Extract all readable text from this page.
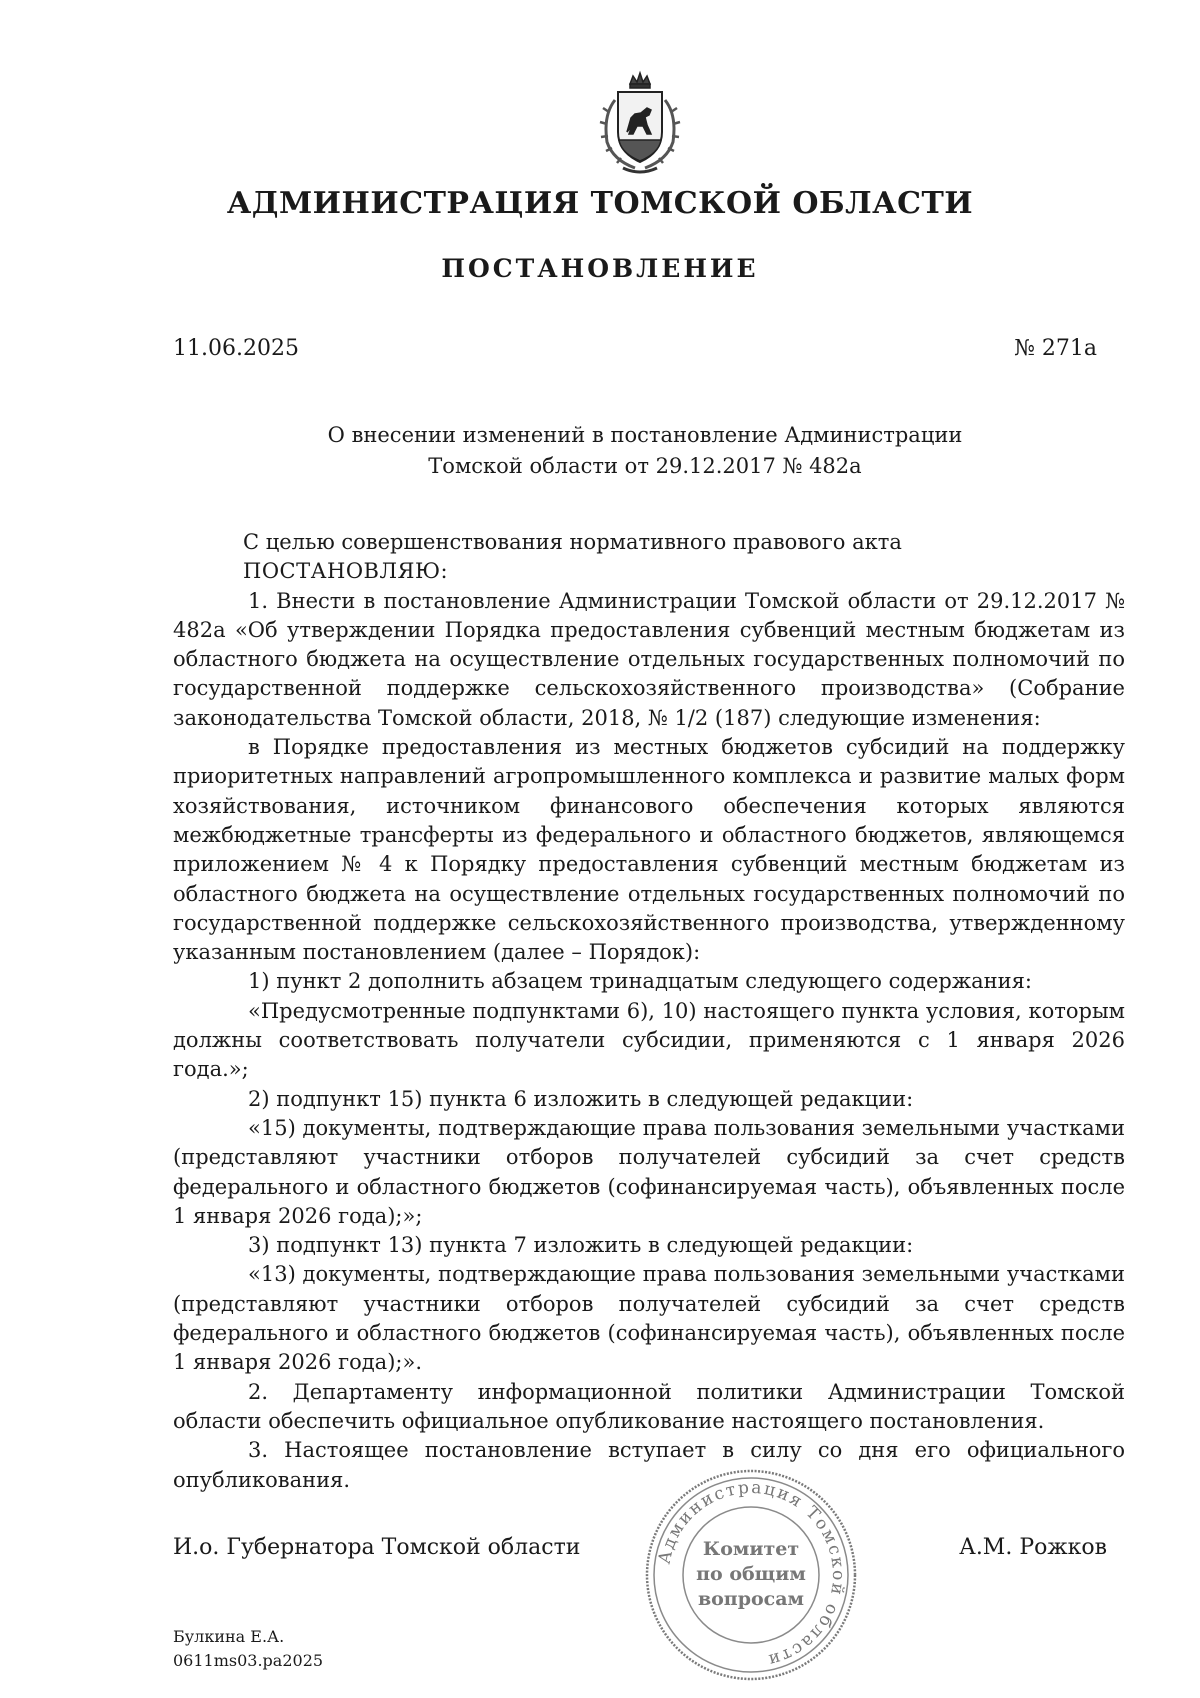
АДМИНИСТРАЦИЯ ТОМСКОЙ ОБЛАСТИ
ПОСТАНОВЛЕНИЕ
11.06.2025	№ 271а
О внесении изменений в постановление Администрации
Томской области от 29.12.2017 № 482а

С целью совершенствования нормативного правового акта

ПОСТАНОВЛЯЮ:

1. Внести в постановление Администрации Томской области от 29.12.2017 № 482а «Об утверждении Порядка предоставления субвенций местным бюджетам из областного бюджета на осуществление отдельных государственных полномочий по государственной поддержке сельскохозяйственного производства» (Собрание законодательства Томской области, 2018, № 1/2 (187) следующие изменения:

в Порядке предоставления из местных бюджетов субсидий на поддержку приоритетных направлений агропромышленного комплекса и развитие малых форм хозяйствования, источником финансового обеспечения которых являются межбюджетные трансферты из федерального и областного бюджетов, являющемся приложением № 4 к Порядку предоставления субвенций местным бюджетам из областного бюджета на осуществление отдельных государственных полномочий по государственной поддержке сельскохозяйственного производства, утвержденному указанным постановлением (далее – Порядок):

1) пункт 2 дополнить абзацем тринадцатым следующего содержания:

«Предусмотренные подпунктами 6), 10) настоящего пункта условия, которым должны соответствовать получатели субсидии, применяются с 1 января 2026 года.»;

2) подпункт 15) пункта 6 изложить в следующей редакции:

«15) документы, подтверждающие права пользования земельными участками (представляют участники отборов получателей субсидий за счет средств федерального и областного бюджетов (софинансируемая часть), объявленных после 1 января 2026 года);»;

3) подпункт 13) пункта 7 изложить в следующей редакции:

«13) документы, подтверждающие права пользования земельными участками (представляют участники отборов получателей субсидий за счет средств федерального и областного бюджетов (софинансируемая часть), объявленных после 1 января 2026 года);».

2. Департаменту информационной политики Администрации Томской области обеспечить официальное опубликование настоящего постановления.

3. Настоящее постановление вступает в силу со дня его официального опубликования.

Администрация Томской области
Комитет
по общим
вопросам
И.о. Губернатора Томской области	А.М. Рожков
Булкина Е.А.
0611ms03.pa2025
